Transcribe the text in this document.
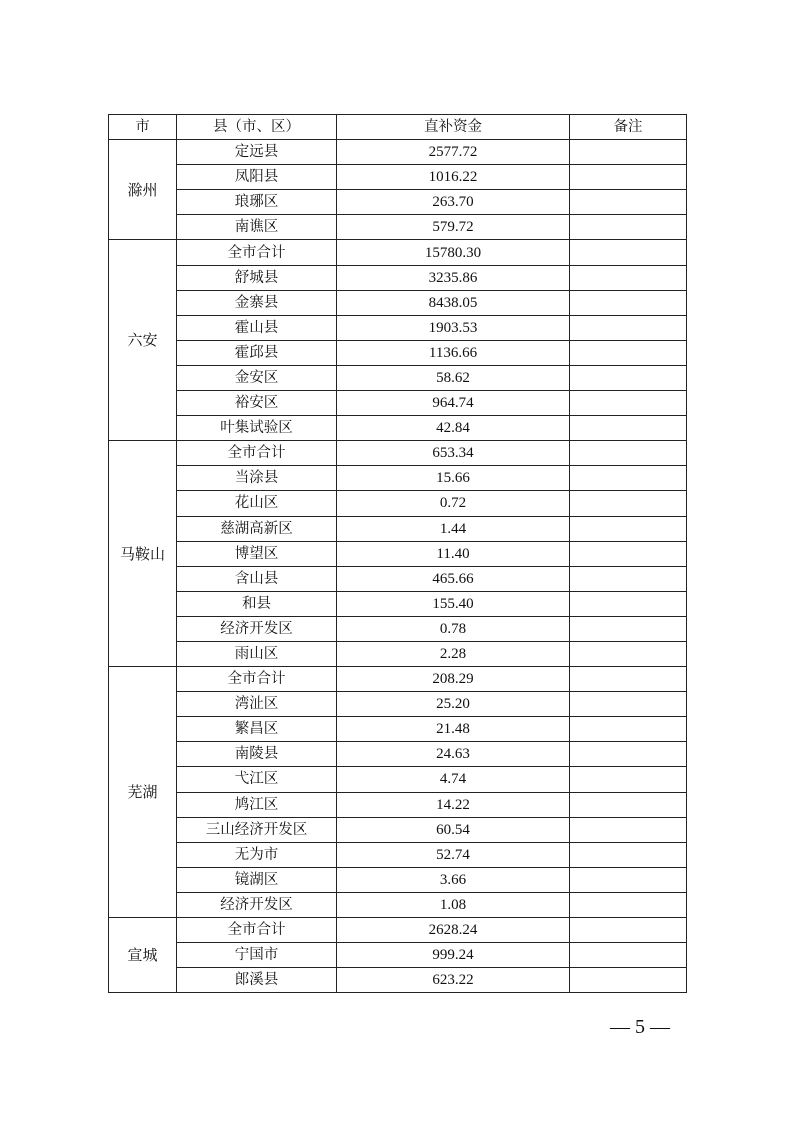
市	县（市、区）	直补资金	备注
滁州	定远县	2577.72	
	凤阳县	1016.22	
	琅琊区	263.70	
	南谯区	579.72	
六安	全市合计	15780.30	
	舒城县	3235.86	
	金寨县	8438.05	
	霍山县	1903.53	
	霍邱县	1136.66	
	金安区	58.62	
	裕安区	964.74	
	叶集试验区	42.84	
马鞍山	全市合计	653.34	
	当涂县	15.66	
	花山区	0.72	
	慈湖高新区	1.44	
	博望区	11.40	
	含山县	465.66	
	和县	155.40	
	经济开发区	0.78	
	雨山区	2.28	
芜湖	全市合计	208.29	
	湾沚区	25.20	
	繁昌区	21.48	
	南陵县	24.63	
	弋江区	4.74	
	鸠江区	14.22	
	三山经济开发区	60.54	
	无为市	52.74	
	镜湖区	3.66	
	经济开发区	1.08	
宣城	全市合计	2628.24	
	宁国市	999.24	
	郎溪县	623.22	
— 5 —
